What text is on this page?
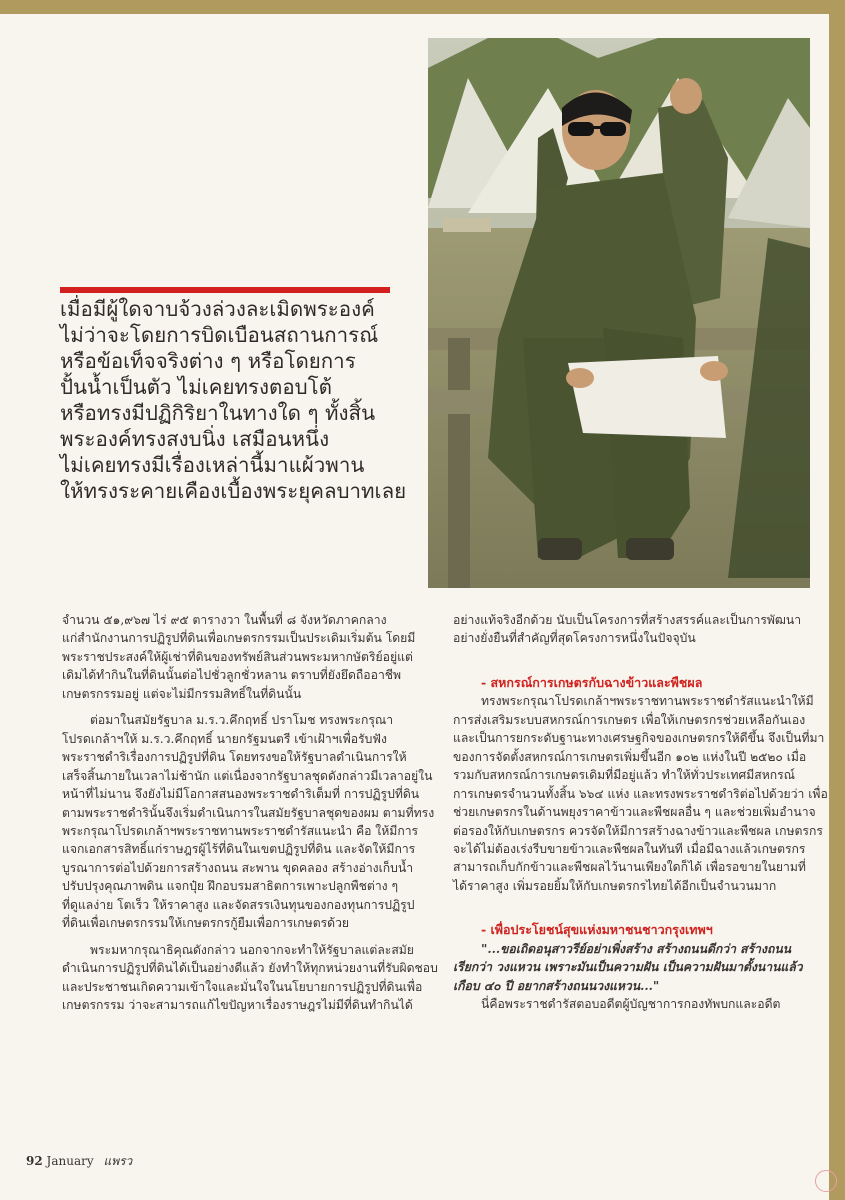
เมื่อมีผู้ใดจาบจ้วงล่วงละเมิดพระองค์
ไม่ว่าจะโดยการบิดเบือนสถานการณ์
หรือข้อเท็จจริงต่าง ๆ หรือโดยการ
ปั้นน้ำเป็นตัว ไม่เคยทรงตอบโต้
หรือทรงมีปฏิกิริยาในทางใด ๆ ทั้งสิ้น
พระองค์ทรงสงบนิ่ง เสมือนหนึ่ง
ไม่เคยทรงมีเรื่องเหล่านี้มาแผ้วพาน
ให้ทรงระคายเคืองเบื้องพระยุคลบาทเลย
จำนวน ๕๑,๙๖๗ ไร่ ๙๕ ตารางวา ในพื้นที่ ๘ จังหวัดภาคกลาง
แก่สำนักงานการปฏิรูปที่ดินเพื่อเกษตรกรรมเป็นประเดิมเริ่มต้น โดยมี
พระราชประสงค์ให้ผู้เช่าที่ดินของทรัพย์สินส่วนพระมหากษัตริย์อยู่แต่
เดิมได้ทำกินในที่ดินนั้นต่อไปชั่วลูกชั่วหลาน ตราบที่ยังยึดถืออาชีพ
เกษตรกรรมอยู่ แต่จะไม่มีกรรมสิทธิ์ในที่ดินนั้น
ต่อมาในสมัยรัฐบาล ม.ร.ว.คึกฤทธิ์ ปราโมช ทรงพระกรุณา
โปรดเกล้าฯให้ ม.ร.ว.คึกฤทธิ์ นายกรัฐมนตรี เข้าเฝ้าฯเพื่อรับฟัง
พระราชดำริเรื่องการปฏิรูปที่ดิน โดยทรงขอให้รัฐบาลดำเนินการให้
เสร็จสิ้นภายในเวลาไม่ช้านัก แต่เนื่องจากรัฐบาลชุดดังกล่าวมีเวลาอยู่ใน
หน้าที่ไม่นาน จึงยังไม่มีโอกาสสนองพระราชดำริเต็มที่ การปฏิรูปที่ดิน
ตามพระราชดำรินั้นจึงเริ่มดำเนินการในสมัยรัฐบาลชุดของผม ตามที่ทรง
พระกรุณาโปรดเกล้าฯพระราชทานพระราชดำรัสแนะนำ คือ ให้มีการ
แจกเอกสารสิทธิ์แก่ราษฎรผู้ไร้ที่ดินในเขตปฏิรูปที่ดิน และจัดให้มีการ
บูรณาการต่อไปด้วยการสร้างถนน สะพาน ขุดคลอง สร้างอ่างเก็บน้ำ
ปรับปรุงคุณภาพดิน แจกปุ๋ย ฝึกอบรมสาธิตการเพาะปลูกพืชต่าง ๆ
ที่ดูแลง่าย โตเร็ว ให้ราคาสูง และจัดสรรเงินทุนของกองทุนการปฏิรูป
ที่ดินเพื่อเกษตรกรรมให้เกษตรกรกู้ยืมเพื่อการเกษตรด้วย
พระมหากรุณาธิคุณดังกล่าว นอกจากจะทำให้รัฐบาลแต่ละสมัย
ดำเนินการปฏิรูปที่ดินได้เป็นอย่างดีแล้ว ยังทำให้ทุกหน่วยงานที่รับผิดชอบ
และประชาชนเกิดความเข้าใจและมั่นใจในนโยบายการปฏิรูปที่ดินเพื่อ
เกษตรกรรม ว่าจะสามารถแก้ไขปัญหาเรื่องราษฎรไม่มีที่ดินทำกินได้
อย่างแท้จริงอีกด้วย นับเป็นโครงการที่สร้างสรรค์และเป็นการพัฒนา
อย่างยั่งยืนที่สำคัญที่สุดโครงการหนึ่งในปัจจุบัน
- สหกรณ์การเกษตรกับฉางข้าวและพืชผล
ทรงพระกรุณาโปรดเกล้าฯพระราชทานพระราชดำรัสแนะนำให้มี
การส่งเสริมระบบสหกรณ์การเกษตร เพื่อให้เกษตรกรช่วยเหลือกันเอง
และเป็นการยกระดับฐานะทางเศรษฐกิจของเกษตรกรให้ดีขึ้น จึงเป็นที่มา
ของการจัดตั้งสหกรณ์การเกษตรเพิ่มขึ้นอีก ๑๐๒ แห่งในปี ๒๕๒๐ เมื่อ
รวมกับสหกรณ์การเกษตรเดิมที่มีอยู่แล้ว ทำให้ทั่วประเทศมีสหกรณ์
การเกษตรจำนวนทั้งสิ้น ๖๖๔ แห่ง และทรงพระราชดำริต่อไปด้วยว่า เพื่อ
ช่วยเกษตรกรในด้านพยุงราคาข้าวและพืชผลอื่น ๆ และช่วยเพิ่มอำนาจ
ต่อรองให้กับเกษตรกร ควรจัดให้มีการสร้างฉางข้าวและพืชผล เกษตรกร
จะได้ไม่ต้องเร่งรีบขายข้าวและพืชผลในทันที เมื่อมีฉางแล้วเกษตรกร
สามารถเก็บกักข้าวและพืชผลไว้นานเพียงใดก็ได้ เพื่อรอขายในยามที่
ได้ราคาสูง เพิ่มรอยยิ้มให้กับเกษตรกรไทยได้อีกเป็นจำนวนมาก
- เพื่อประโยชน์สุขแห่งมหาชนชาวกรุงเทพฯ
"...ขอเถิดอนุสาวรีย์อย่าเพิ่งสร้าง สร้างถนนดีกว่า สร้างถนน
เรียกว่า วงแหวน เพราะมันเป็นความฝัน เป็นความฝันมาตั้งนานแล้ว
เกือบ ๔๐ ปี อยากสร้างถนนวงแหวน..."
นี่คือพระราชดำรัสตอบอดีตผู้บัญชาการกองทัพบกและอดีต
92 January แพรว
